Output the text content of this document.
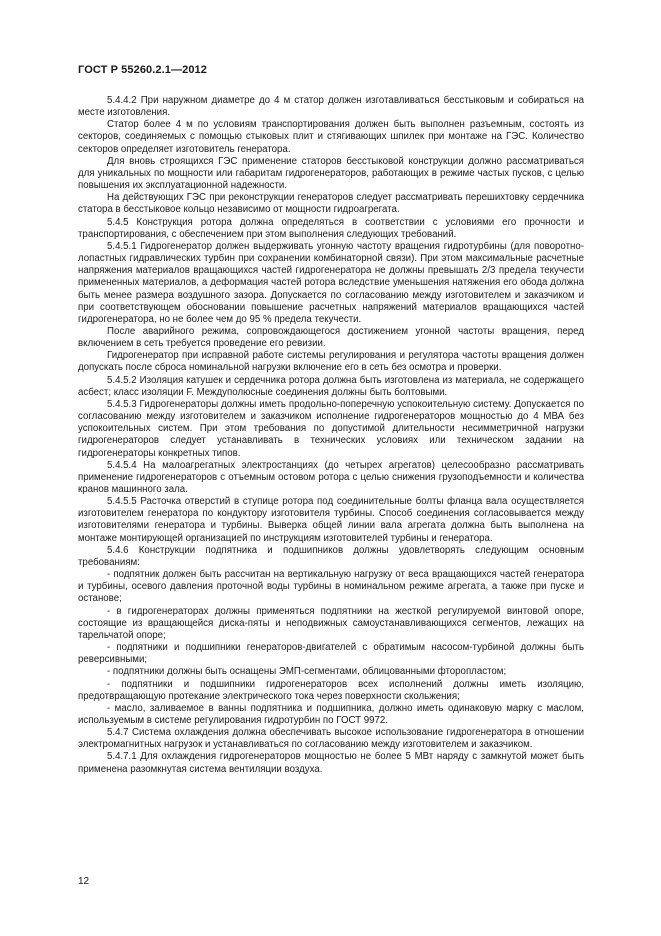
ГОСТ Р 55260.2.1—2012

5.4.4.2 При наружном диаметре до 4 м статор должен изготавливаться бесстыковым и собираться на месте изготовления.

Статор более 4 м по условиям транспортирования должен быть выполнен разъемным, состоять из секторов, соединяемых с помощью стыковых плит и стягивающих шпилек при монтаже на ГЭС. Количество секторов определяет изготовитель генератора.

Для вновь строящихся ГЭС применение статоров бесстыковой конструкции должно рассматриваться для уникальных по мощности или габаритам гидрогенераторов, работающих в режиме частых пусков, с целью повышения их эксплуатационной надежности.

На действующих ГЭС при реконструкции генераторов следует рассматривать перешихтовку сердечника статора в бесстыковое кольцо независимо от мощности гидроагрегата.

5.4.5 Конструкция ротора должна определяться в соответствии с условиями его прочности и транспортирования, с обеспечением при этом выполнения следующих требований.

5.4.5.1 Гидрогенератор должен выдерживать угонную частоту вращения гидротурбины (для поворотно-лопастных гидравлических турбин при сохранении комбинаторной связи). При этом максимальные расчетные напряжения материалов вращающихся частей гидрогенератора не должны превышать 2/3 предела текучести примененных материалов, а деформация частей ротора вследствие уменьшения натяжения его обода должна быть менее размера воздушного зазора. Допускается по согласованию между изготовителем и заказчиком и при соответствующем обосновании повышение расчетных напряжений материалов вращающихся частей гидрогенератора, но не более чем до 95 % предела текучести.

После аварийного режима, сопровождающегося достижением угонной частоты вращения, перед включением в сеть требуется проведение его ревизии.

Гидрогенератор при исправной работе системы регулирования и регулятора частоты вращения должен допускать после сброса номинальной нагрузки включение его в сеть без осмотра и проверки.

5.4.5.2 Изоляция катушек и сердечника ротора должна быть изготовлена из материала, не содержащего асбест; класс изоляции F. Междуполюсные соединения должны быть болтовыми.

5.4.5.3 Гидрогенераторы должны иметь продольно-поперечную успокоительную систему. Допускается по согласованию между изготовителем и заказчиком исполнение гидрогенераторов мощностью до 4 МВА без успокоительных систем. При этом требования по допустимой длительности несимметричной нагрузки гидрогенераторов следует устанавливать в технических условиях или техническом задании на гидрогенераторы конкретных типов.

5.4.5.4 На малоагрегатных электростанциях (до четырех агрегатов) целесообразно рассматривать применение гидрогенераторов с отъемным остовом ротора с целью снижения грузоподъемности и количества кранов машинного зала.

5.4.5.5 Расточка отверстий в ступице ротора под соединительные болты фланца вала осуществляется изготовителем генератора по кондуктору изготовителя турбины. Способ соединения согласовывается между изготовителями генератора и турбины. Выверка общей линии вала агрегата должна быть выполнена на монтаже монтирующей организацией по инструкциям изготовителей турбины и генератора.

5.4.6 Конструкции подпятника и подшипников должны удовлетворять следующим основным требованиям:

- подпятник должен быть рассчитан на вертикальную нагрузку от веса вращающихся частей генератора и турбины, осевого давления проточной воды турбины в номинальном режиме агрегата, а также при пуске и останове;

- в гидрогенераторах должны применяться подпятники на жесткой регулируемой винтовой опоре, состоящие из вращающейся диска-пяты и неподвижных самоустанавливающихся сегментов, лежащих на тарельчатой опоре;

- подпятники и подшипники генераторов-двигателей с обратимым насосом-турбиной должны быть реверсивными;

- подпятники должны быть оснащены ЭМП-сегментами, облицованными фторопластом;

- подпятники и подшипники гидрогенераторов всех исполнений должны иметь изоляцию, предотвращающую протекание электрического тока через поверхности скольжения;

- масло, заливаемое в ванны подпятника и подшипника, должно иметь одинаковую марку с маслом, используемым в системе регулирования гидротурбин по ГОСТ 9972.

5.4.7 Система охлаждения должна обеспечивать высокое использование гидрогенератора в отношении электромагнитных нагрузок и устанавливаться по согласованию между изготовителем и заказчиком.

5.4.7.1 Для охлаждения гидрогенераторов мощностью не более 5 МВт наряду с замкнутой может быть применена разомкнутая система вентиляции воздуха.

12
